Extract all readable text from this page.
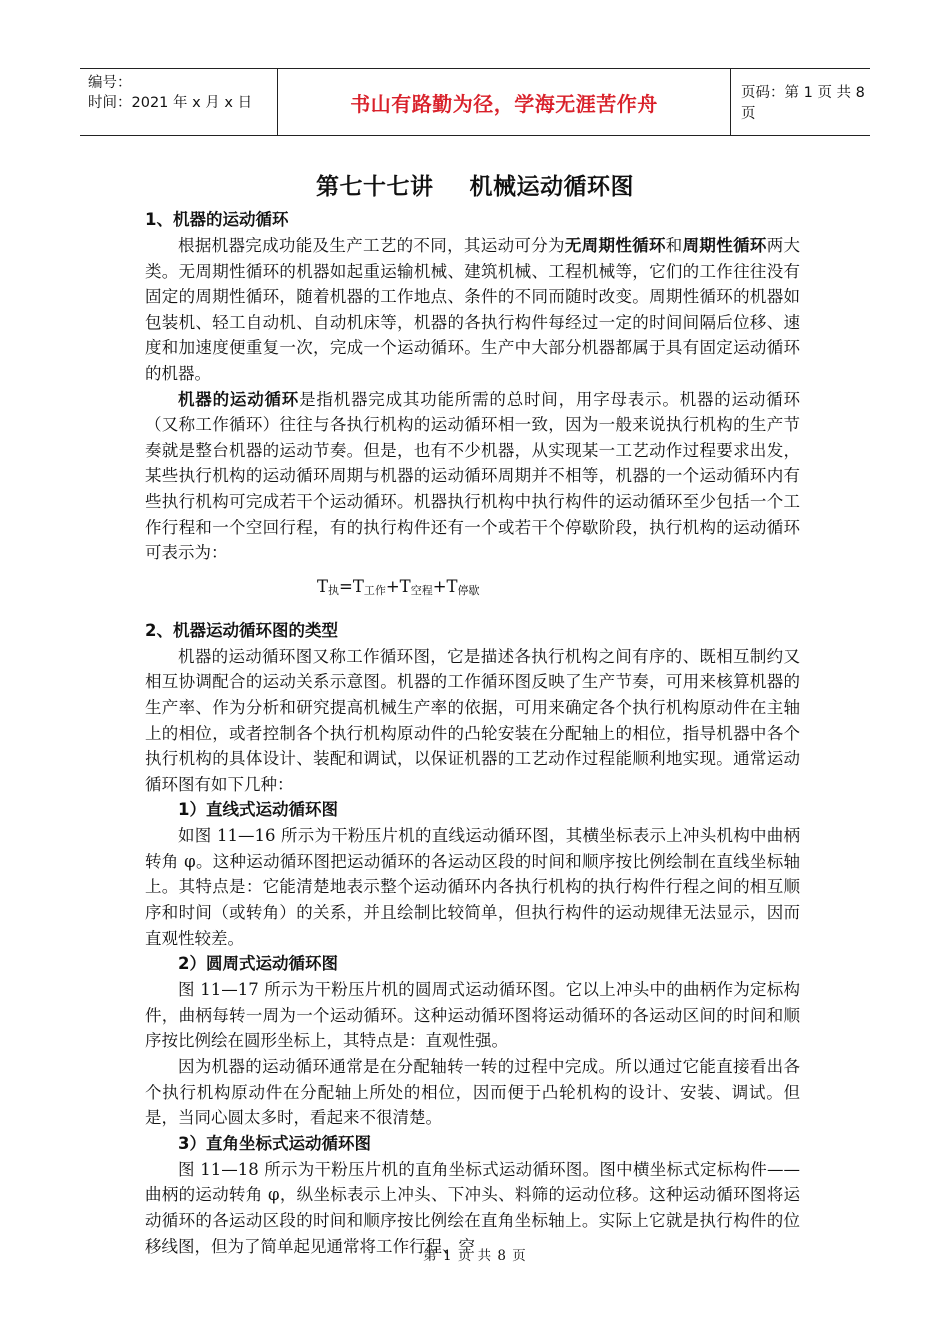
编号：
时间：2021 年 x 月 x 日	书山有路勤为径，学海无涯苦作舟	页码：第 1 页 共 8 页
第七十七讲 机械运动循环图

1、机器的运动循环

根据机器完成功能及生产工艺的不同，其运动可分为无周期性循环和周期性循环两大类。无周期性循环的机器如起重运输机械、建筑机械、工程机械等，它们的工作往往没有固定的周期性循环，随着机器的工作地点、条件的不同而随时改变。周期性循环的机器如包装机、轻工自动机、自动机床等，机器的各执行构件每经过一定的时间间隔后位移、速度和加速度便重复一次，完成一个运动循环。生产中大部分机器都属于具有固定运动循环的机器。

机器的运动循环是指机器完成其功能所需的总时间，用字母表示。机器的运动循环（又称工作循环）往往与各执行机构的运动循环相一致，因为一般来说执行机构的生产节奏就是整台机器的运动节奏。但是，也有不少机器，从实现某一工艺动作过程要求出发，某些执行机构的运动循环周期与机器的运动循环周期并不相等，机器的一个运动循环内有些执行机构可完成若干个运动循环。机器执行机构中执行构件的运动循环至少包括一个工作行程和一个空回行程，有的执行构件还有一个或若干个停歇阶段，执行机构的运动循环可表示为：

$T_执=T_{工作}+T_{空程}+T_{停歇}$

2、机器运动循环图的类型

机器的运动循环图又称工作循环图，它是描述各执行机构之间有序的、既相互制约又相互协调配合的运动关系示意图。机器的工作循环图反映了生产节奏，可用来核算机器的生产率、作为分析和研究提高机械生产率的依据，可用来确定各个执行机构原动件在主轴上的相位，或者控制各个执行机构原动件的凸轮安装在分配轴上的相位，指导机器中各个执行机构的具体设计、装配和调试，以保证机器的工艺动作过程能顺利地实现。通常运动循环图有如下几种：

1）直线式运动循环图

如图 11—16 所示为干粉压片机的直线运动循环图，其横坐标表示上冲头机构中曲柄转角 φ。这种运动循环图把运动循环的各运动区段的时间和顺序按比例绘制在直线坐标轴上。其特点是：它能清楚地表示整个运动循环内各执行机构的执行构件行程之间的相互顺序和时间（或转角）的关系，并且绘制比较简单，但执行构件的运动规律无法显示，因而直观性较差。

2）圆周式运动循环图

图 11—17 所示为干粉压片机的圆周式运动循环图。它以上冲头中的曲柄作为定标构件，曲柄每转一周为一个运动循环。这种运动循环图将运动循环的各运动区间的时间和顺序按比例绘在圆形坐标上，其特点是：直观性强。

因为机器的运动循环通常是在分配轴转一转的过程中完成。所以通过它能直接看出各个执行机构原动件在分配轴上所处的相位，因而便于凸轮机构的设计、安装、调试。但是，当同心圆太多时，看起来不很清楚。

3）直角坐标式运动循环图

图 11—18 所示为干粉压片机的直角坐标式运动循环图。图中横坐标式定标构件——曲柄的运动转角 φ，纵坐标表示上冲头、下冲头、料筛的运动位移。这种运动循环图将运动循环的各运动区段的时间和顺序按比例绘在直角坐标轴上。实际上它就是执行构件的位移线图，但为了简单起见通常将工作行程、空

第 1 页 共 8 页
